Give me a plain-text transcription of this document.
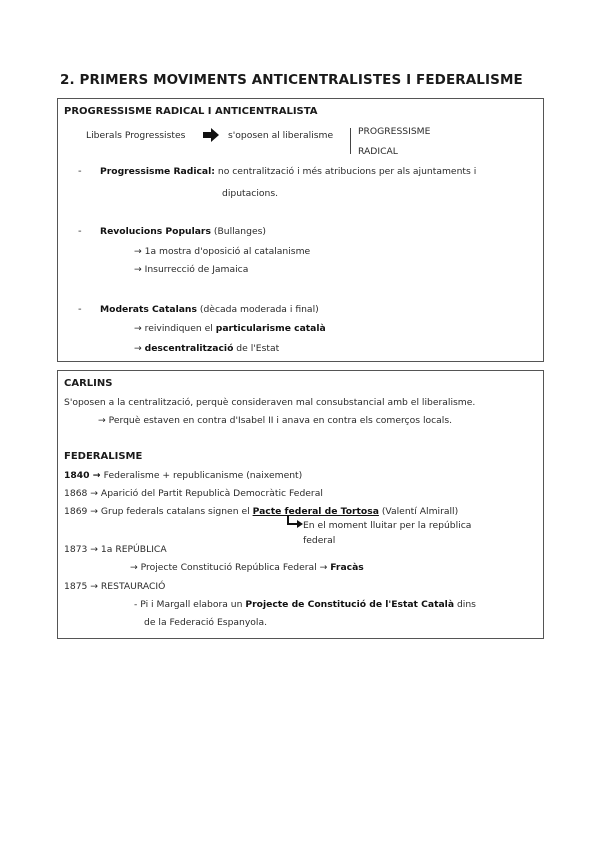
2. PRIMERS MOVIMENTS ANTICENTRALISTES I FEDERALISME
PROGRESSISME RADICAL I ANTICENTRALISTA
Liberals Progressistes	s'oposen al liberalisme	PROGRESSISME
RADICAL
- Progressisme Radical: no centralització i més atribucions per als ajuntaments i
diputacions.
- Revolucions Populars (Bullanges)
→ 1a mostra d'oposició al catalanisme
→ Insurrecció de Jamaica
- Moderats Catalans (dècada moderada i final)
→ reivindiquen el particularisme català
→ descentralització de l'Estat
CARLINS
S'oposen a la centralització, perquè consideraven mal consubstancial amb el liberalisme.
→ Perquè estaven en contra d'Isabel II i anava en contra els comerços locals.
FEDERALISME
1840 → Federalisme + republicanisme (naixement)
1868 → Aparició del Partit Republicà Democràtic Federal
1869 → Grup federals catalans signen el Pacte federal de Tortosa (Valentí Almirall)
En el moment lluitar per la república
federal
1873 → 1a REPÚBLICA
→ Projecte Constitució República Federal → Fracàs
1875 → RESTAURACIÓ
- Pi i Margall elabora un Projecte de Constitució de l'Estat Català dins
de la Federació Espanyola.
